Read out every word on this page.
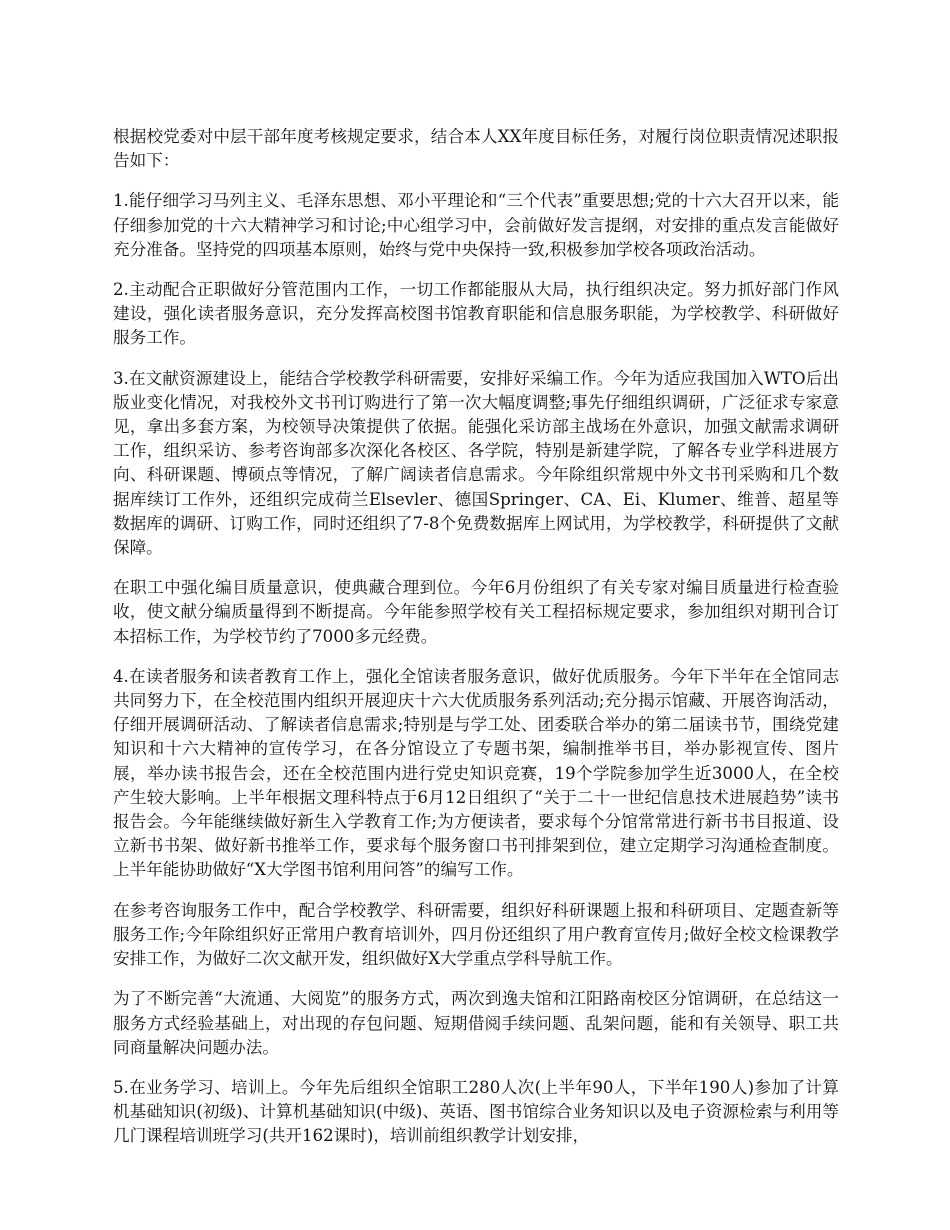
根据校党委对中层干部年度考核规定要求，结合本人XX年度目标任务，对履行岗位职责情况述职报告如下：

1.能仔细学习马列主义、毛泽东思想、邓小平理论和“三个代表”重要思想;党的十六大召开以来，能仔细参加党的十六大精神学习和讨论;中心组学习中，会前做好发言提纲，对安排的重点发言能做好充分准备。坚持党的四项基本原则，始终与党中央保持一致,积极参加学校各项政治活动。

2.主动配合正职做好分管范围内工作，一切工作都能服从大局，执行组织决定。努力抓好部门作风建设，强化读者服务意识，充分发挥高校图书馆教育职能和信息服务职能，为学校教学、科研做好服务工作。

3.在文献资源建设上，能结合学校教学科研需要，安排好采编工作。今年为适应我国加入WTO后出版业变化情况，对我校外文书刊订购进行了第一次大幅度调整;事先仔细组织调研，广泛征求专家意见，拿出多套方案，为校领导决策提供了依据。能强化采访部主战场在外意识，加强文献需求调研工作，组织采访、参考咨询部多次深化各校区、各学院，特别是新建学院，了解各专业学科进展方向、科研课题、博硕点等情况，了解广阔读者信息需求。今年除组织常规中外文书刊采购和几个数据库续订工作外，还组织完成荷兰Elsevler、德国Springer、CA、Ei、Klumer、维普、超星等数据库的调研、订购工作，同时还组织了7-8个免费数据库上网试用，为学校教学，科研提供了文献保障。

在职工中强化编目质量意识，使典藏合理到位。今年6月份组织了有关专家对编目质量进行检查验收，使文献分编质量得到不断提高。今年能参照学校有关工程招标规定要求，参加组织对期刊合订本招标工作，为学校节约了7000多元经费。

4.在读者服务和读者教育工作上，强化全馆读者服务意识，做好优质服务。今年下半年在全馆同志共同努力下，在全校范围内组织开展迎庆十六大优质服务系列活动;充分揭示馆藏、开展咨询活动，仔细开展调研活动、了解读者信息需求;特别是与学工处、团委联合举办的第二届读书节，围绕党建知识和十六大精神的宣传学习，在各分馆设立了专题书架，编制推举书目，举办影视宣传、图片展，举办读书报告会，还在全校范围内进行党史知识竞赛，19个学院参加学生近3000人，在全校产生较大影响。上半年根据文理科特点于6月12日组织了“关于二十一世纪信息技术进展趋势”读书报告会。今年能继续做好新生入学教育工作;为方便读者，要求每个分馆常常进行新书书目报道、设立新书书架、做好新书推举工作，要求每个服务窗口书刊排架到位，建立定期学习沟通检查制度。上半年能协助做好“X大学图书馆利用问答”的编写工作。

在参考咨询服务工作中，配合学校教学、科研需要，组织好科研课题上报和科研项目、定题查新等服务工作;今年除组织好正常用户教育培训外，四月份还组织了用户教育宣传月;做好全校文检课教学安排工作，为做好二次文献开发，组织做好X大学重点学科导航工作。

为了不断完善“大流通、大阅览”的服务方式，两次到逸夫馆和江阳路南校区分馆调研，在总结这一服务方式经验基础上，对出现的存包问题、短期借阅手续问题、乱架问题，能和有关领导、职工共同商量解决问题办法。

5.在业务学习、培训上。今年先后组织全馆职工280人次(上半年90人，下半年190人)参加了计算机基础知识(初级)、计算机基础知识(中级)、英语、图书馆综合业务知识以及电子资源检索与利用等几门课程培训班学习(共开162课时)，培训前组织教学计划安排，
